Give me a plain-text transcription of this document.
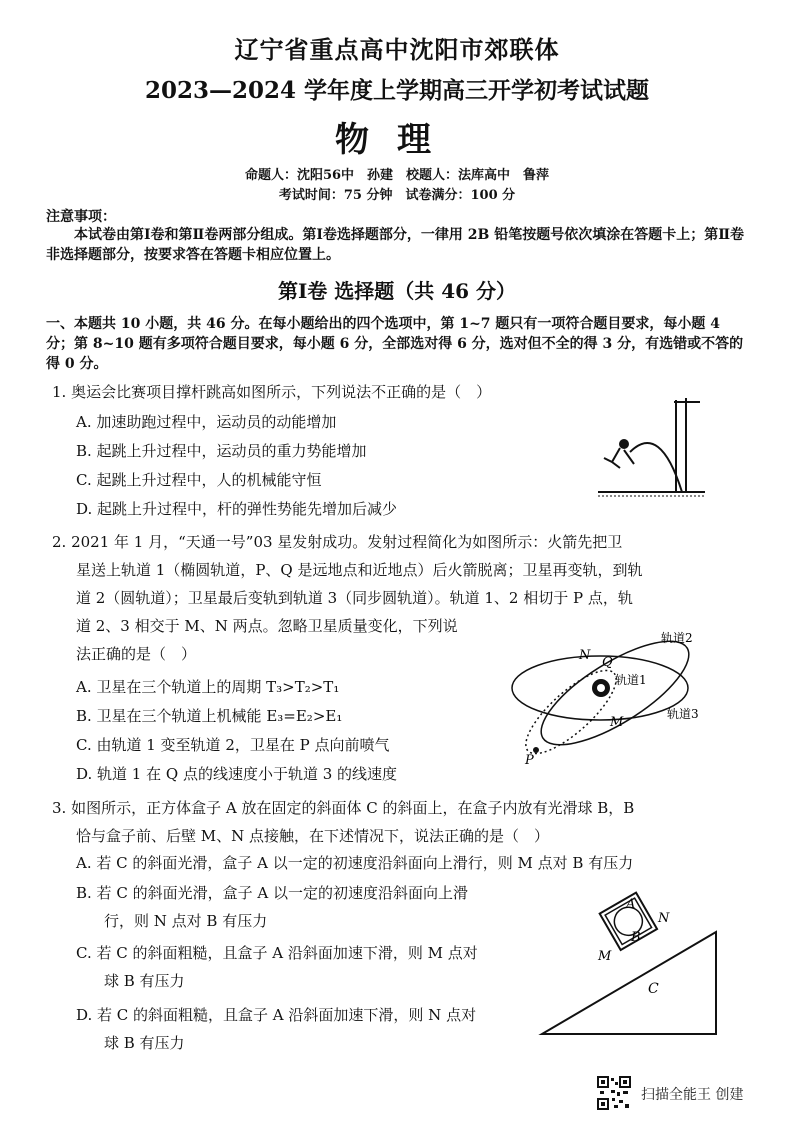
辽宁省重点高中沈阳市郊联体
2023—2024 学年度上学期高三开学初考试试题
物理
命题人：沈阳56中　孙建　校题人：法库高中　鲁萍
考试时间：75 分钟　试卷满分：100 分
注意事项：
本试卷由第Ⅰ卷和第Ⅱ卷两部分组成。第Ⅰ卷选择题部分，一律用 2B 铅笔按题号依次填涂在答题卡上；第Ⅱ卷非选择题部分，按要求答在答题卡相应位置上。
第Ⅰ卷 选择题（共 46 分）
一、本题共 10 小题，共 46 分。在每小题给出的四个选项中，第 1~7 题只有一项符合题目要求，每小题 4 分；第 8~10 题有多项符合题目要求，每小题 6 分，全部选对得 6 分，选对但不全的得 3 分，有选错或不答的得 0 分。
1. 奥运会比赛项目撑杆跳高如图所示，下列说法不正确的是（　）
A. 加速助跑过程中，运动员的动能增加
B. 起跳上升过程中，运动员的重力势能增加
C. 起跳上升过程中，人的机械能守恒
D. 起跳上升过程中，杆的弹性势能先增加后减少
2. 2021 年 1 月，“天通一号”03 星发射成功。发射过程简化为如图所示：火箭先把卫
星送上轨道 1（椭圆轨道，P、Q 是远地点和近地点）后火箭脱离；卫星再变轨，到轨
道 2（圆轨道）；卫星最后变轨到轨道 3（同步圆轨道）。轨道 1、2 相切于 P 点，轨
道 2、3 相交于 M、N 两点。忽略卫星质量变化，下列说
法正确的是（　）
A. 卫星在三个轨道上的周期 T₃>T₂>T₁
B. 卫星在三个轨道上机械能 E₃=E₂>E₁
C. 由轨道 1 变至轨道 2，卫星在 P 点向前喷气
D. 轨道 1 在 Q 点的线速度小于轨道 3 的线速度
N Q
M
P
轨道2
轨道1
轨道3
3. 如图所示，正方体盒子 A 放在固定的斜面体 C 的斜面上，在盒子内放有光滑球 B，B
恰与盒子前、后壁 M、N 点接触，在下述情况下，说法正确的是（　）
A. 若 C 的斜面光滑，盒子 A 以一定的初速度沿斜面向上滑行，则 M 点对 B 有压力
B. 若 C 的斜面光滑，盒子 A 以一定的初速度沿斜面向上滑
行，则 N 点对 B 有压力
C. 若 C 的斜面粗糙，且盒子 A 沿斜面加速下滑，则 M 点对
球 B 有压力
D. 若 C 的斜面粗糙，且盒子 A 沿斜面加速下滑，则 N 点对
球 B 有压力
A
N
B
M
C
扫描全能王 创建
